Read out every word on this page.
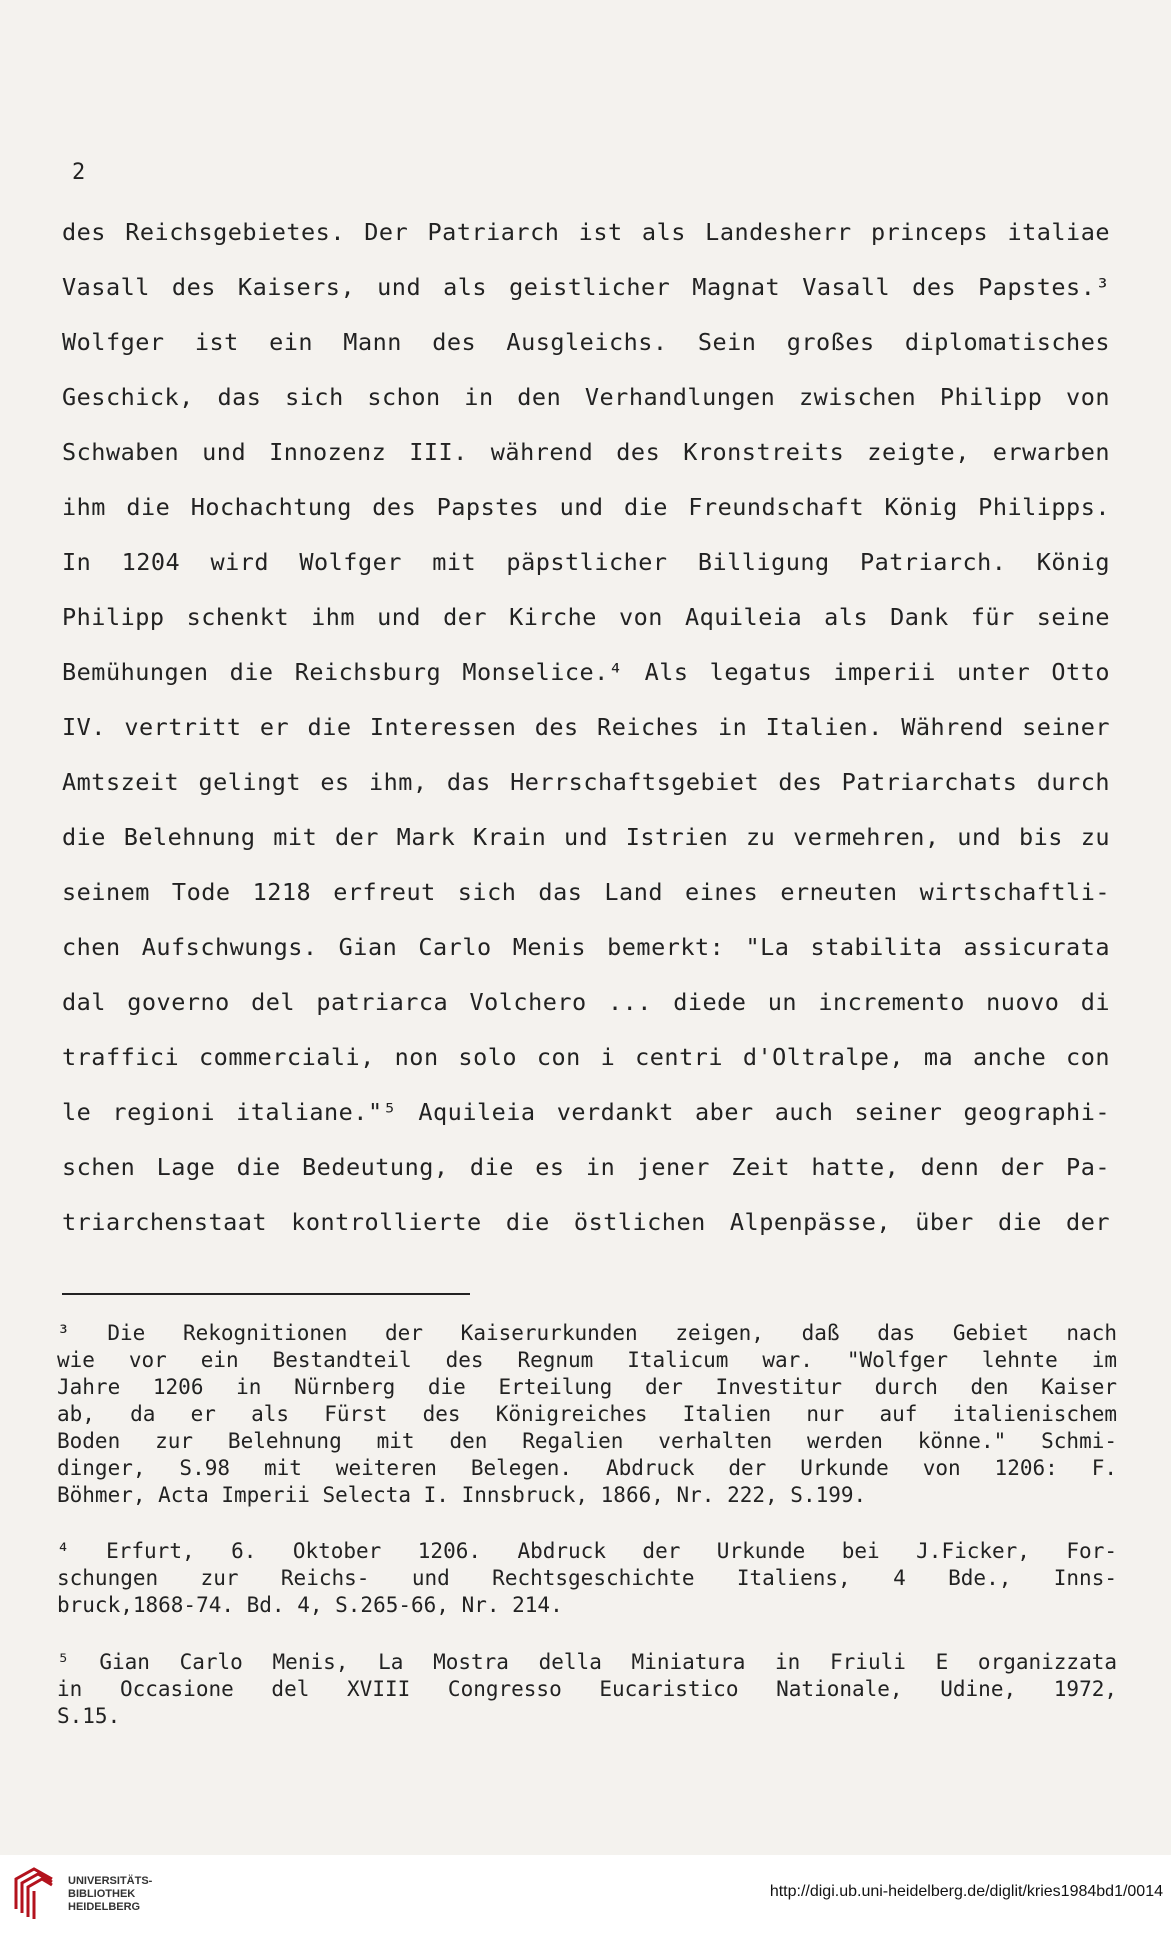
2
des Reichsgebietes. Der Patriarch ist als Landesherr princeps italiae
Vasall des Kaisers, und als geistlicher Magnat Vasall des Papstes.³
Wolfger ist ein Mann des Ausgleichs. Sein großes diplomatisches
Geschick, das sich schon in den Verhandlungen zwischen Philipp von
Schwaben und Innozenz III. während des Kronstreits zeigte, erwarben
ihm die Hochachtung des Papstes und die Freundschaft König Philipps.
In 1204 wird Wolfger mit päpstlicher Billigung Patriarch. König
Philipp schenkt ihm und der Kirche von Aquileia als Dank für seine
Bemühungen die Reichsburg Monselice.⁴ Als legatus imperii unter Otto
IV. vertritt er die Interessen des Reiches in Italien. Während seiner
Amtszeit gelingt es ihm, das Herrschaftsgebiet des Patriarchats durch
die Belehnung mit der Mark Krain und Istrien zu vermehren, und bis zu
seinem Tode 1218 erfreut sich das Land eines erneuten wirtschaftli-
chen Aufschwungs. Gian Carlo Menis bemerkt: "La stabilita assicurata
dal governo del patriarca Volchero ... diede un incremento nuovo di
traffici commerciali, non solo con i centri d'Oltralpe, ma anche con
le regioni italiane."⁵ Aquileia verdankt aber auch seiner geographi-
schen Lage die Bedeutung, die es in jener Zeit hatte, denn der Pa-
triarchenstaat kontrollierte die östlichen Alpenpässe, über die der
³ Die Rekognitionen der Kaiserurkunden zeigen, daß das Gebiet nach
wie vor ein Bestandteil des Regnum Italicum war. "Wolfger lehnte im
Jahre 1206 in Nürnberg die Erteilung der Investitur durch den Kaiser
ab, da er als Fürst des Königreiches Italien nur auf italienischem
Boden zur Belehnung mit den Regalien verhalten werden könne." Schmi-
dinger, S.98 mit weiteren Belegen. Abdruck der Urkunde von 1206: F.
Böhmer, Acta Imperii Selecta I. Innsbruck, 1866, Nr. 222, S.199.
⁴ Erfurt, 6. Oktober 1206. Abdruck der Urkunde bei J.Ficker, For-
schungen zur Reichs- und Rechtsgeschichte Italiens, 4 Bde., Inns-
bruck,1868-74. Bd. 4, S.265-66, Nr. 214.
⁵ Gian Carlo Menis, La Mostra della Miniatura in Friuli E organizzata
in Occasione del XVIII Congresso Eucaristico Nationale, Udine, 1972,
S.15.
UNIVERSITÄTS-
BIBLIOTHEK
HEIDELBERG
http://digi.ub.uni-heidelberg.de/diglit/kries1984bd1/0014
